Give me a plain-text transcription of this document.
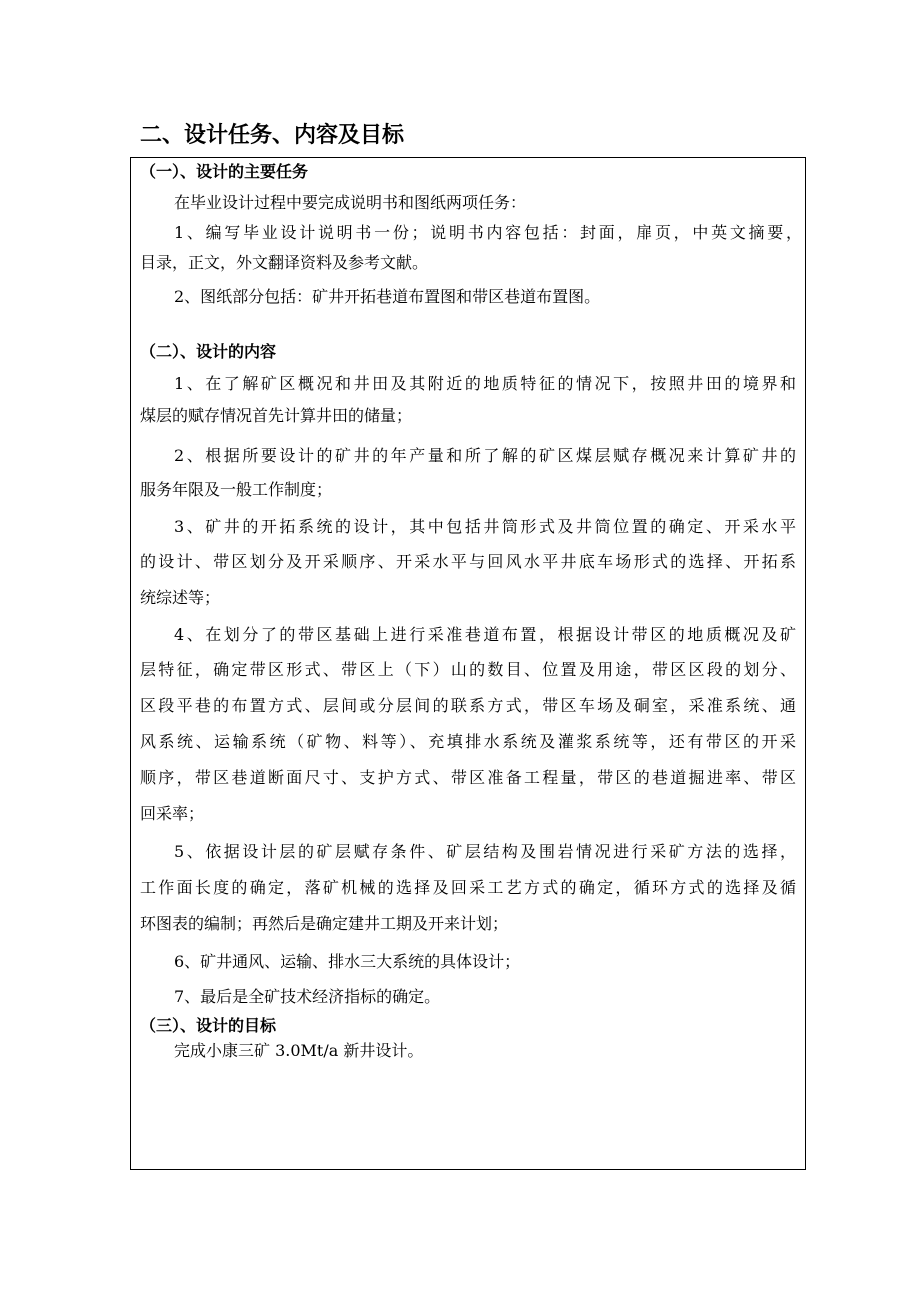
二、设计任务、内容及目标
（一）、设计的主要任务
在毕业设计过程中要完成说明书和图纸两项任务：
1、编写毕业设计说明书一份；说明书内容包括：封面，扉页，中英文摘要，
目录，正文，外文翻译资料及参考文献。
2、图纸部分包括：矿井开拓巷道布置图和带区巷道布置图。
（二）、设计的内容
1、在了解矿区概况和井田及其附近的地质特征的情况下，按照井田的境界和
煤层的赋存情况首先计算井田的储量；
2、根据所要设计的矿井的年产量和所了解的矿区煤层赋存概况来计算矿井的
服务年限及一般工作制度；
3、矿井的开拓系统的设计，其中包括井筒形式及井筒位置的确定、开采水平
的设计、带区划分及开采顺序、开采水平与回风水平井底车场形式的选择、开拓系
统综述等；
4、在划分了的带区基础上进行采准巷道布置，根据设计带区的地质概况及矿
层特征，确定带区形式、带区上（下）山的数目、位置及用途，带区区段的划分、
区段平巷的布置方式、层间或分层间的联系方式，带区车场及硐室，采准系统、通
风系统、运输系统（矿物、料等）、充填排水系统及灌浆系统等，还有带区的开采
顺序，带区巷道断面尺寸、支护方式、带区准备工程量，带区的巷道掘进率、带区
回采率；
5、依据设计层的矿层赋存条件、矿层结构及围岩情况进行采矿方法的选择，
工作面长度的确定，落矿机械的选择及回采工艺方式的确定，循环方式的选择及循
环图表的编制；再然后是确定建井工期及开来计划；
6、矿井通风、运输、排水三大系统的具体设计；
7、最后是全矿技术经济指标的确定。
（三）、设计的目标
完成小康三矿 3.0Mt/a 新井设计。
